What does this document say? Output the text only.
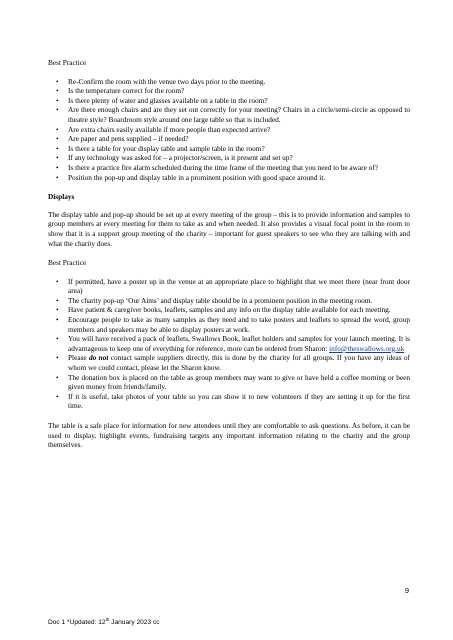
Best Practice

• Re-Confirm the room with the venue two days prior to the meeting.
• Is the temperature correct for the room?
• Is there plenty of water and glasses available on a table in the room?
• Are there enough chairs and are they set out correctly for your meeting? Chairs in a circle/semi-circle as opposed to theatre style? Boardroom style around one large table so that is included.
• Are extra chairs easily available if more people than expected arrive?
• Are paper and pens supplied – if needed?
• Is there a table for your display table and sample table in the room?
• If any technology was asked for – a projector/screen, is it present and set up?
• Is there a practice fire alarm scheduled during the time frame of the meeting that you need to be aware of?
• Position the pop-up and display table in a prominent position with good space around it.

Displays

The display table and pop-up should be set up at every meeting of the group – this is to provide information and samples to group members at every meeting for them to take as and when needed. It also provides a visual focal point in the room to show that it is a support group meeting of the charity – important for guest speakers to see who they are talking with and what the charity does.

Best Practice

• If permitted, have a poster up in the venue at an appropriate place to highlight that we meet there (near front door area)
• The charity pop-up ‘Our Aims’ and display table should be in a prominent position in the meeting room.
• Have patient & caregiver books, leaflets, samples and any info on the display table available for each meeting.
• Encourage people to take as many samples as they need and to take posters and leaflets to spread the word, group members and speakers may be able to display posters at work.
• You will have received a pack of leaflets, Swallows Book, leaflet holders and samples for your launch meeting. It is advantageous to keep one of everything for reference, more can be ordered from Sharon: info@theswallows.org.uk
• Please do not contact sample suppliers directly, this is done by the charity for all groups. If you have any ideas of whom we could contact, please let the Sharon know.
• The donation box is placed on the table as group members may want to give or have held a coffee morning or been given money from friends/family.
• If it is useful, take photos of your table so you can show it to new volunteers if they are setting it up for the first time.

The table is a safe place for information for new attendees until they are comfortable to ask questions. As before, it can be used to display, highlight events, fundraising targets any important information relating to the charity and the group themselves.

9
Doc 1 *Updated: 12th January 2023 cc
